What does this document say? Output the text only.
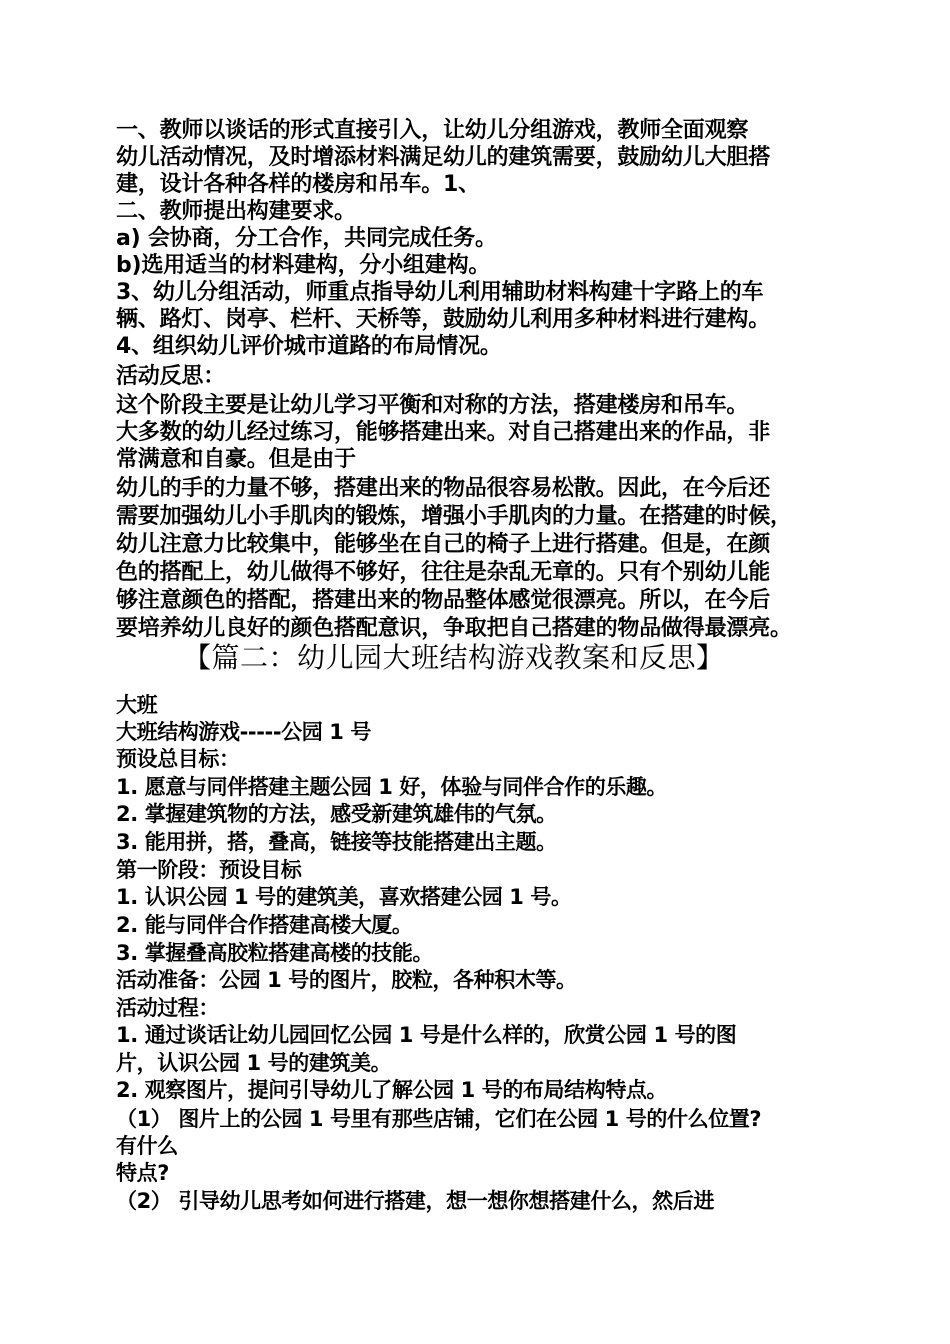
一、教师以谈话的形式直接引入，让幼儿分组游戏，教师全面观察
幼儿活动情况，及时增添材料满足幼儿的建筑需要，鼓励幼儿大胆搭
建，设计各种各样的楼房和吊车。1、
二、教师提出构建要求。
a) 会协商，分工合作，共同完成任务。
b)选用适当的材料建构，分小组建构。
3、幼儿分组活动，师重点指导幼儿利用辅助材料构建十字路上的车
辆、路灯、岗亭、栏杆、天桥等，鼓励幼儿利用多种材料进行建构。
4、组织幼儿评价城市道路的布局情况。
活动反思：
这个阶段主要是让幼儿学习平衡和对称的方法，搭建楼房和吊车。
大多数的幼儿经过练习，能够搭建出来。对自己搭建出来的作品，非
常满意和自豪。但是由于
幼儿的手的力量不够，搭建出来的物品很容易松散。因此，在今后还
需要加强幼儿小手肌肉的锻炼，增强小手肌肉的力量。在搭建的时候，
幼儿注意力比较集中，能够坐在自己的椅子上进行搭建。但是，在颜
色的搭配上，幼儿做得不够好，往往是杂乱无章的。只有个别幼儿能
够注意颜色的搭配，搭建出来的物品整体感觉很漂亮。所以，在今后
要培养幼儿良好的颜色搭配意识，争取把自己搭建的物品做得最漂亮。
【篇二：幼儿园大班结构游戏教案和反思】
大班
大班结构游戏-----公园 1 号
预设总目标：
1. 愿意与同伴搭建主题公园 1 好，体验与同伴合作的乐趣。
2. 掌握建筑物的方法，感受新建筑雄伟的气氛。
3. 能用拼，搭，叠高，链接等技能搭建出主题。
第一阶段：预设目标
1. 认识公园 1 号的建筑美，喜欢搭建公园 1 号。
2. 能与同伴合作搭建高楼大厦。
3. 掌握叠高胶粒搭建高楼的技能。
活动准备：公园 1 号的图片，胶粒，各种积木等。
活动过程：
1. 通过谈话让幼儿园回忆公园 1 号是什么样的，欣赏公园 1 号的图
片，认识公园 1 号的建筑美。
2. 观察图片，提问引导幼儿了解公园 1 号的布局结构特点。
（1） 图片上的公园 1 号里有那些店铺，它们在公园 1 号的什么位置?
有什么
特点?
（2） 引导幼儿思考如何进行搭建，想一想你想搭建什么，然后进
